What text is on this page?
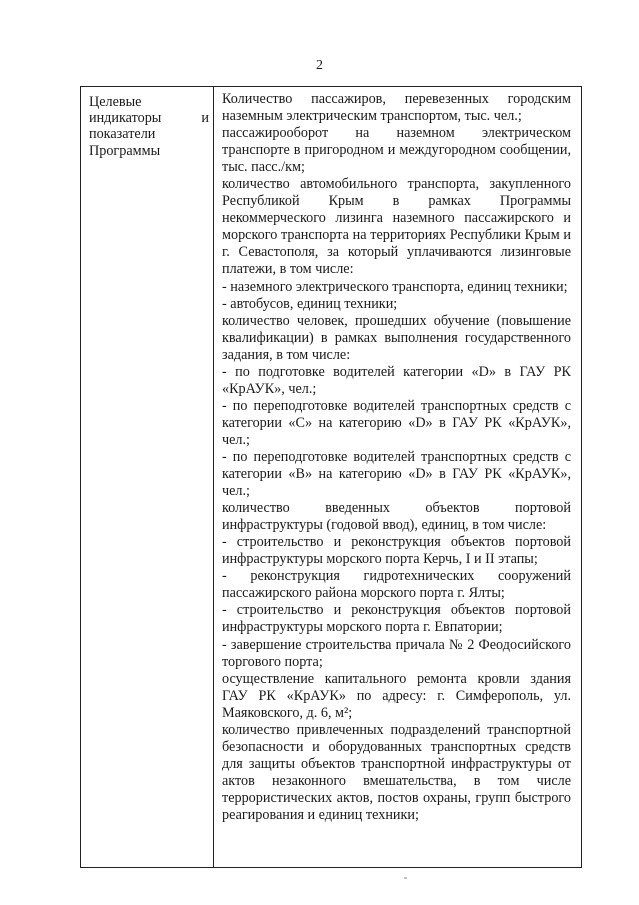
2
Целевые индикаторы и показатели Программы

Количество пассажиров, перевезенных городским наземным электрическим транспортом, тыс. чел.;

пассажирооборот на наземном электрическом транспорте в пригородном и междугородном сообщении, тыс. пасс./км;

количество автомобильного транспорта, закупленного Республикой Крым в рамках Программы некоммерческого лизинга наземного пассажирского и морского транспорта на территориях Республики Крым и г. Севастополя, за который уплачиваются лизинговые платежи, в том числе:

- наземного электрического транспорта, единиц техники;

- автобусов, единиц техники;

количество человек, прошедших обучение (повышение квалификации) в рамках выполнения государственного задания, в том числе:

- по подготовке водителей категории «D» в ГАУ РК «КрАУК», чел.;

- по переподготовке водителей транспортных средств с категории «С» на категорию «D» в ГАУ РК «КрАУК», чел.;

- по переподготовке водителей транспортных средств с категории «В» на категорию «D» в ГАУ РК «КрАУК», чел.;

количество введенных объектов портовой инфраструктуры (годовой ввод), единиц, в том числе:

- строительство и реконструкция объектов портовой инфраструктуры морского порта Керчь, I и II этапы;

- реконструкция гидротехнических сооружений пассажирского района морского порта г. Ялты;

- строительство и реконструкция объектов портовой инфраструктуры морского порта г. Евпатории;

- завершение строительства причала № 2 Феодосийского торгового порта;

осуществление капитального ремонта кровли здания ГАУ РК «КрАУК» по адресу: г. Симферополь, ул. Маяковского, д. 6, м²;

количество привлеченных подразделений транспортной безопасности и оборудованных транспортных средств для защиты объектов транспортной инфраструктуры от актов незаконного вмешательства, в том числе террористических актов, постов охраны, групп быстрого реагирования и единиц техники;
